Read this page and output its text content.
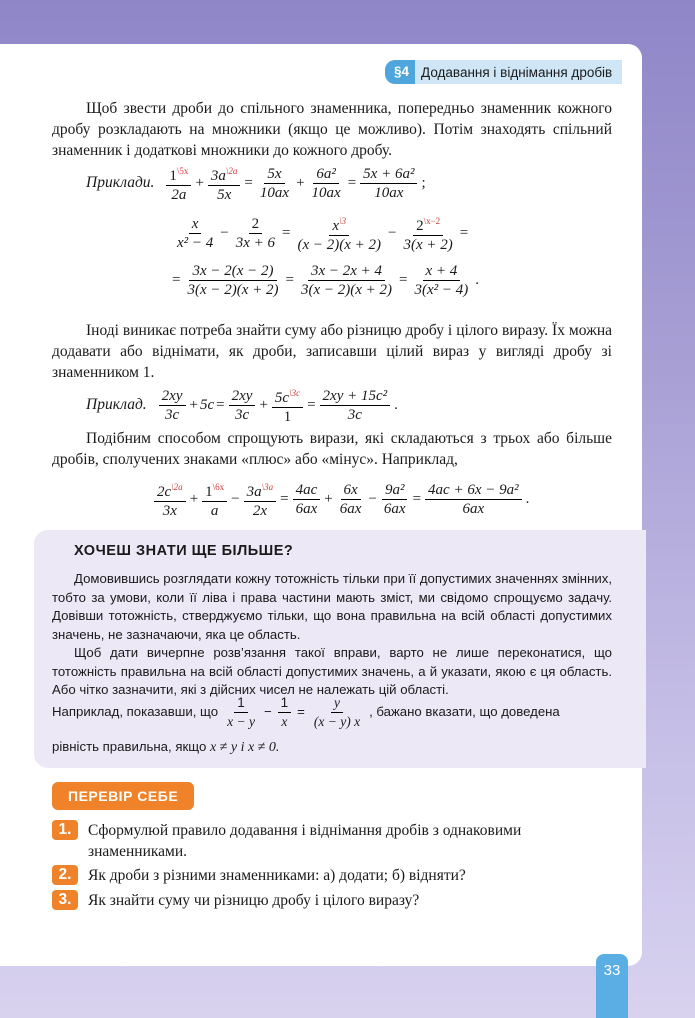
§4 Додавання і віднімання дробів
Щоб звести дроби до спільного знаменника, попередньо знаменник кожного дробу розкладають на множники (якщо це можливо). Потім знаходять спільний знаменник і додаткові множники до кожного дробу.
Приклади. $\frac{1^{\backslash 5x}}{2a} + \frac{3a^{\backslash 2a}}{5x} = \frac{5x}{10ax} + \frac{\text{6a²}}{10ax} = \frac{\text{5x + 6a²}}{10ax}$ ;
$\frac{x}{\text{x² − 4}} - \frac{2}{3x + 6} = \frac{x^{\backslash 3}}{(x - 2)(x + 2)} - \frac{2^{\backslash x-2}}{3(x + 2)}$ =
= $\frac{3x - 2(x - 2)}{3(x - 2)(x + 2)} = \frac{3x - 2x + 4}{3(x - 2)(x + 2)} = \frac{x + 4}{\text{3(x² − 4)}}$ .
Іноді виникає потреба знайти суму або різницю дробу і цілого виразу. Їх можна додавати або віднімати, як дроби, записавши цілий вираз у вигляді дробу зі знаменником 1.
Приклад. $\frac{2xy}{3c} + 5c = \frac{2xy}{3c} + \frac{5c^{\backslash 3c}}{1} = \frac{\text{2xy + 15c²}}{3c}$ .
Подібним способом спрощують вирази, які складаються з трьох або більше дробів, сполучених знаками «плюс» або «мінус». Наприклад,
$\frac{2c^{\backslash 2a}}{3x} + \frac{1^{\backslash 6x}}{a} - \frac{3a^{\backslash 3a}}{2x} = \frac{4ac}{6ax} + \frac{6x}{6ax} - \frac{\text{9a²}}{6ax} = \frac{\text{4ac + 6x − 9a²}}{6ax}$ .
ХОЧЕШ ЗНАТИ ЩЕ БІЛЬШЕ?
Домовившись розглядати кожну тотожність тільки при її допустимих значеннях змінних, тобто за умови, коли її ліва і права частини мають зміст, ми свідомо спрощуємо задачу. Довівши тотожність, стверджуємо тільки, що вона правильна на всій області допустимих значень, не зазначаючи, яка це область.
Щоб дати вичерпне розв’язання такої вправи, варто не лише переконатися, що тотожність правильна на всій області допустимих значень, а й указати, якою є ця область. Або чітко зазначити, які з дійсних чисел не належать цій області.
Наприклад, показавши, що $\frac{1}{x - y} - \frac{1}{x} = \frac{y}{(x - y) x}$ , бажано вказати, що доведена
рівність правильна, якщо x ≠ y і x ≠ 0.
ПЕРЕВІР СЕБЕ
1.	Сформулюй правило додавання і віднімання дробів з однаковими знаменниками.
2.	Як дроби з різними знаменниками: а) додати; б) відняти?
3.	Як знайти суму чи різницю дробу і цілого виразу?
33
